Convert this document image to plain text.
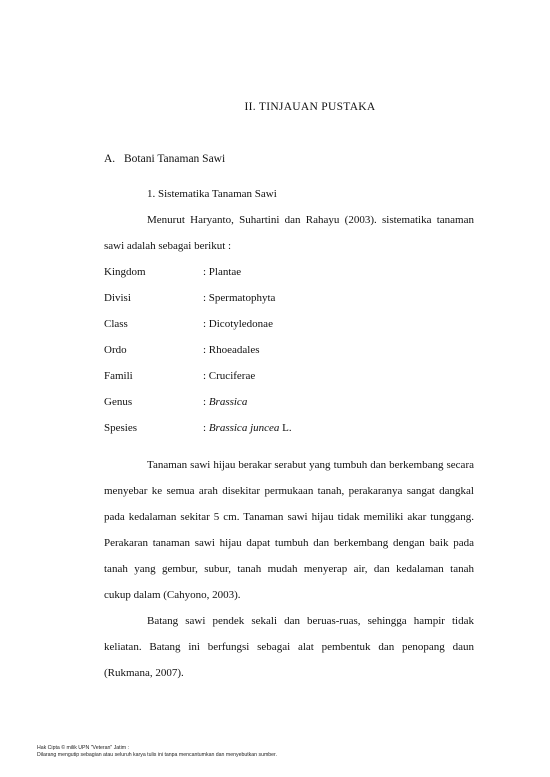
II. TINJAUAN PUSTAKA
A. Botani Tanaman Sawi
1. Sistematika Tanaman Sawi
Menurut Haryanto, Suhartini dan Rahayu (2003). sistematika tanaman
sawi adalah sebagai berikut :
Kingdom	: Plantae
Divisi	: Spermatophyta
Class	: Dicotyledonae
Ordo	: Rhoeadales
Famili	: Cruciferae
Genus	: Brassica
Spesies	: Brassica juncea L.
Tanaman sawi hijau berakar serabut yang tumbuh dan berkembang secara
menyebar ke semua arah disekitar permukaan tanah, perakaranya sangat dangkal
pada kedalaman sekitar 5 cm. Tanaman sawi hijau tidak memiliki akar tunggang.
Perakaran tanaman sawi hijau dapat tumbuh dan berkembang dengan baik pada
tanah yang gembur, subur, tanah mudah menyerap air, dan kedalaman tanah
cukup dalam (Cahyono, 2003).
Batang sawi pendek sekali dan beruas-ruas, sehingga hampir tidak
keliatan. Batang ini berfungsi sebagai alat pembentuk dan penopang daun
(Rukmana, 2007).
Hak Cipta © milik UPN "Veteran" Jatim :
Dilarang mengutip sebagian atau seluruh karya tulis ini tanpa mencantumkan dan menyebutkan sumber.
